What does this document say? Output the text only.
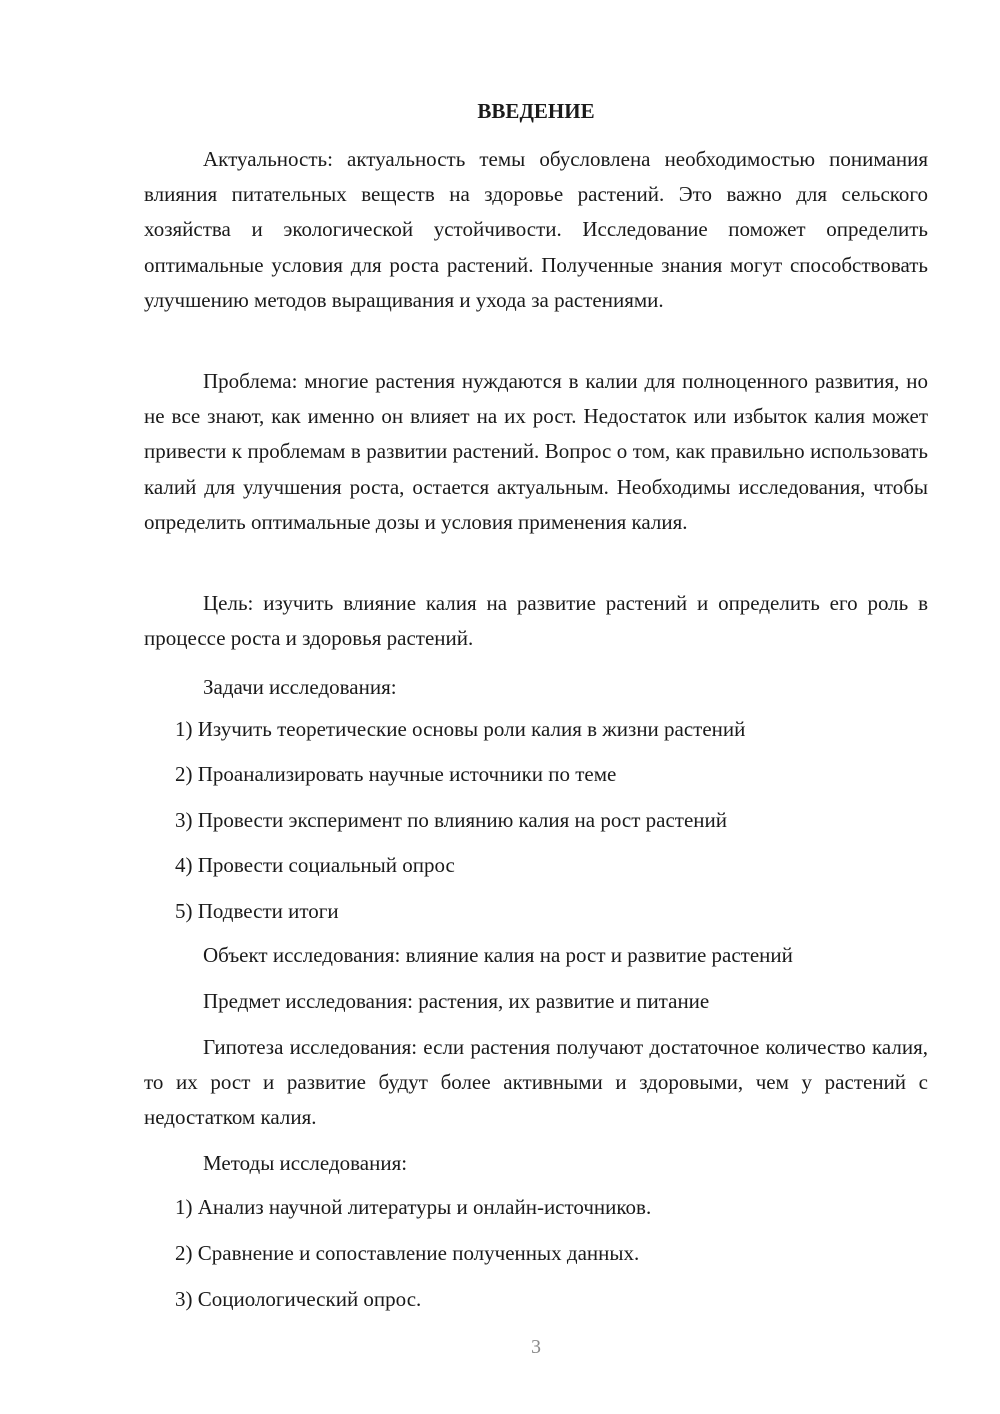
ВВЕДЕНИЕ

Актуальность: актуальность темы обусловлена необходимостью понимания влияния питательных веществ на здоровье растений. Это важно для сельского хозяйства и экологической устойчивости. Исследование поможет определить оптимальные условия для роста растений. Полученные знания могут способствовать улучшению методов выращивания и ухода за растениями.

Проблема: многие растения нуждаются в калии для полноценного развития, но не все знают, как именно он влияет на их рост. Недостаток или избыток калия может привести к проблемам в развитии растений. Вопрос о том, как правильно использовать калий для улучшения роста, остается актуальным. Необходимы исследования, чтобы определить оптимальные дозы и условия применения калия.

Цель: изучить влияние калия на развитие растений и определить его роль в процессе роста и здоровья растений.

Задачи исследования:

1) Изучить теоретические основы роли калия в жизни растений
2) Проанализировать научные источники по теме
3) Провести эксперимент по влиянию калия на рост растений
4) Провести социальный опрос
5) Подвести итоги

Объект исследования: влияние калия на рост и развитие растений

Предмет исследования: растения, их развитие и питание

Гипотеза исследования: если растения получают достаточное количество калия, то их рост и развитие будут более активными и здоровыми, чем у растений с недостатком калия.

Методы исследования:

1) Анализ научной литературы и онлайн-источников.
2) Сравнение и сопоставление полученных данных.
3) Социологический опрос.
3
